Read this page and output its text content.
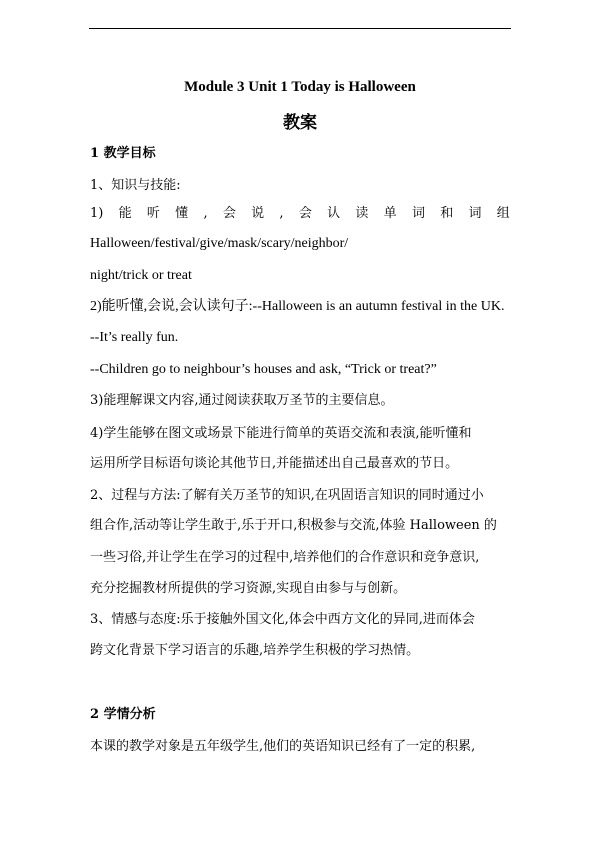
Module 3 Unit 1 Today is Halloween
教案
1 教学目标
1、知识与技能:
1) 能 听 懂 , 会 说 , 会 认 读 单 词 和 词 组
Halloween/festival/give/mask/scary/neighbor/
night/trick or treat
2)能听懂,会说,会认读句子:--Halloween is an autumn festival in the UK.
--It’s really fun.
--Children go to neighbour’s houses and ask, “Trick or treat?”
3)能理解课文内容,通过阅读获取万圣节的主要信息。
4)学生能够在图文或场景下能进行简单的英语交流和表演,能听懂和
运用所学目标语句谈论其他节日,并能描述出自己最喜欢的节日。
2、过程与方法:了解有关万圣节的知识,在巩固语言知识的同时通过小
组合作,活动等让学生敢于,乐于开口,积极参与交流,体验 Halloween 的
一些习俗,并让学生在学习的过程中,培养他们的合作意识和竞争意识,
充分挖掘教材所提供的学习资源,实现自由参与与创新。
3、情感与态度:乐于接触外国文化,体会中西方文化的异同,进而体会
跨文化背景下学习语言的乐趣,培养学生积极的学习热情。
2 学情分析
本课的教学对象是五年级学生,他们的英语知识已经有了一定的积累,
